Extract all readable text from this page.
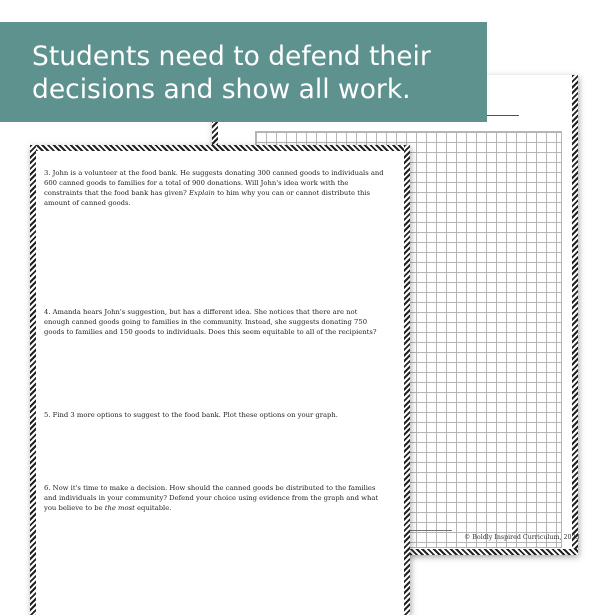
Students need to defend their
decisions and show all work.
© Boldly Inspired Curriculum, 2023
3. John is a volunteer at the food bank. He suggests donating 300 canned goods to individuals and 600 canned goods to families for a total of 900 donations. Will John's idea work with the constraints that the food bank has given? Explain to him why you can or cannot distribute this amount of canned goods.
4. Amanda hears John's suggestion, but has a different idea. She notices that there are not enough canned goods going to families in the community. Instead, she suggests donating 750 goods to families and 150 goods to individuals. Does this seem equitable to all of the recipients?
5. Find 3 more options to suggest to the food bank. Plot these options on your graph.
6. Now it's time to make a decision. How should the canned goods be distributed to the families and individuals in your community? Defend your choice using evidence from the graph and what you believe to be the most equitable.
